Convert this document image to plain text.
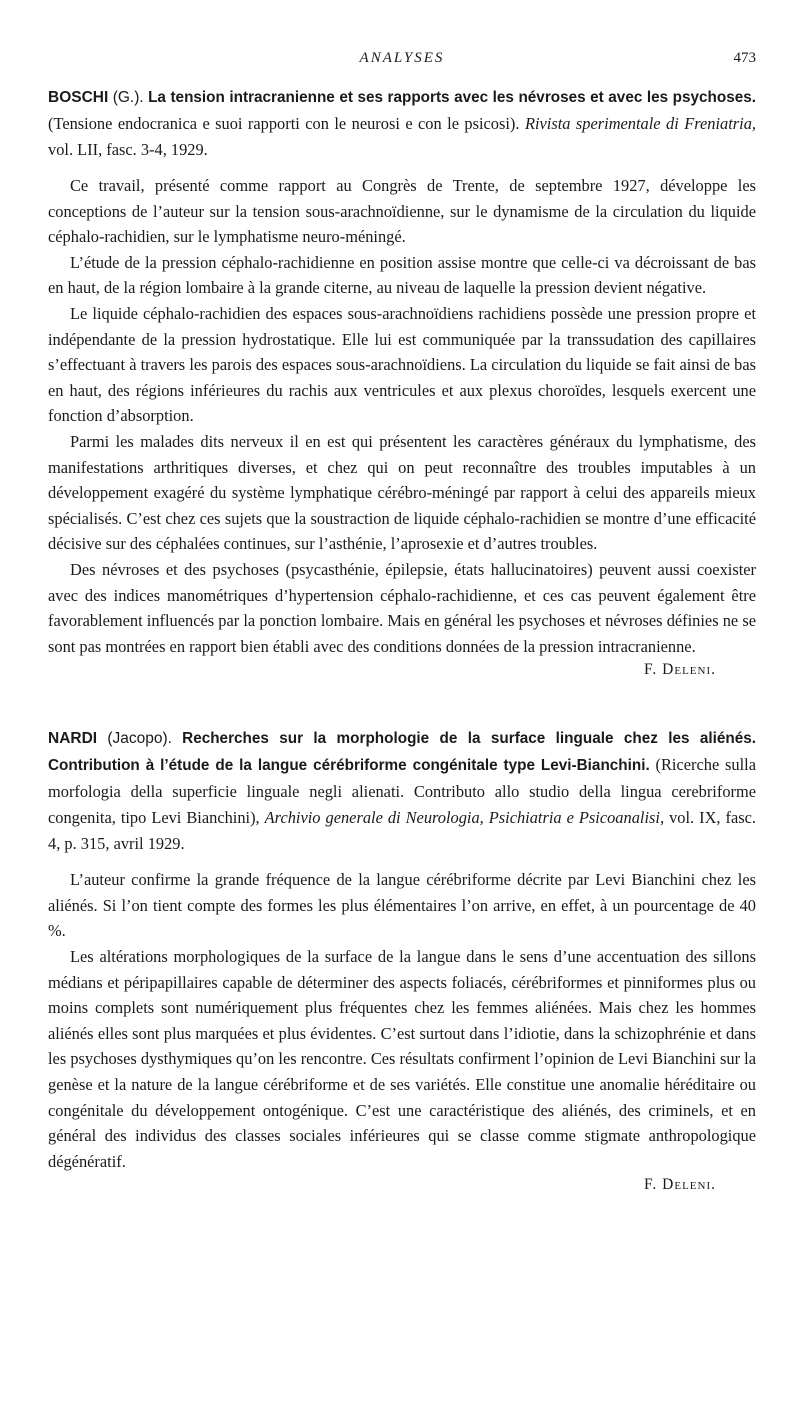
ANALYSES	473

BOSCHI (G.). La tension intracranienne et ses rapports avec les névroses et avec les psychoses. (Tensione endocranica e suoi rapporti con le neurosi e con le psicosi). Rivista sperimentale di Freniatria, vol. LII, fasc. 3-4, 1929.

Ce travail, présenté comme rapport au Congrès de Trente, de septembre 1927, développe les conceptions de l’auteur sur la tension sous-arachnoïdienne, sur le dynamisme de la circulation du liquide céphalo-rachidien, sur le lymphatisme neuro-méningé.

L’étude de la pression céphalo-rachidienne en position assise montre que celle-ci va décroissant de bas en haut, de la région lombaire à la grande citerne, au niveau de laquelle la pression devient négative.

Le liquide céphalo-rachidien des espaces sous-arachnoïdiens rachidiens possède une pression propre et indépendante de la pression hydrostatique. Elle lui est communiquée par la transsudation des capillaires s’effectuant à travers les parois des espaces sous-arachnoïdiens. La circulation du liquide se fait ainsi de bas en haut, des régions inférieures du rachis aux ventricules et aux plexus choroïdes, lesquels exercent une fonction d’absorption.

Parmi les malades dits nerveux il en est qui présentent les caractères généraux du lymphatisme, des manifestations arthritiques diverses, et chez qui on peut reconnaître des troubles imputables à un développement exagéré du système lymphatique cérébro-méningé par rapport à celui des appareils mieux spécialisés. C’est chez ces sujets que la soustraction de liquide céphalo-rachidien se montre d’une efficacité décisive sur des céphalées continues, sur l’asthénie, l’aprosexie et d’autres troubles.

Des névroses et des psychoses (psycasthénie, épilepsie, états hallucinatoires) peuvent aussi coexister avec des indices manométriques d’hypertension céphalo-rachidienne, et ces cas peuvent également être favorablement influencés par la ponction lombaire. Mais en général les psychoses et névroses définies ne se sont pas montrées en rapport bien établi avec des conditions données de la pression intracranienne.

F. Deleni.

NARDI (Jacopo). Recherches sur la morphologie de la surface linguale chez les aliénés. Contribution à l’étude de la langue cérébriforme congénitale type Levi-Bianchini. (Ricerche sulla morfologia della superficie linguale negli alienati. Contributo allo studio della lingua cerebriforme congenita, tipo Levi Bianchini), Archivio generale di Neurologia, Psichiatria e Psicoanalisi, vol. IX, fasc. 4, p. 315, avril 1929.

L’auteur confirme la grande fréquence de la langue cérébriforme décrite par Levi Bianchini chez les aliénés. Si l’on tient compte des formes les plus élémentaires l’on arrive, en effet, à un pourcentage de 40 %.

Les altérations morphologiques de la surface de la langue dans le sens d’une accentuation des sillons médians et péripapillaires capable de déterminer des aspects foliacés, cérébriformes et pinniformes plus ou moins complets sont numériquement plus fréquentes chez les femmes aliénées. Mais chez les hommes aliénés elles sont plus marquées et plus évidentes. C’est surtout dans l’idiotie, dans la schizophrénie et dans les psychoses dysthymiques qu’on les rencontre. Ces résultats confirment l’opinion de Levi Bianchini sur la genèse et la nature de la langue cérébriforme et de ses variétés. Elle constitue une anomalie héréditaire ou congénitale du développement ontogénique. C’est une caractéristique des aliénés, des criminels, et en général des individus des classes sociales inférieures qui se classe comme stigmate anthropologique dégénératif.

F. Deleni.
